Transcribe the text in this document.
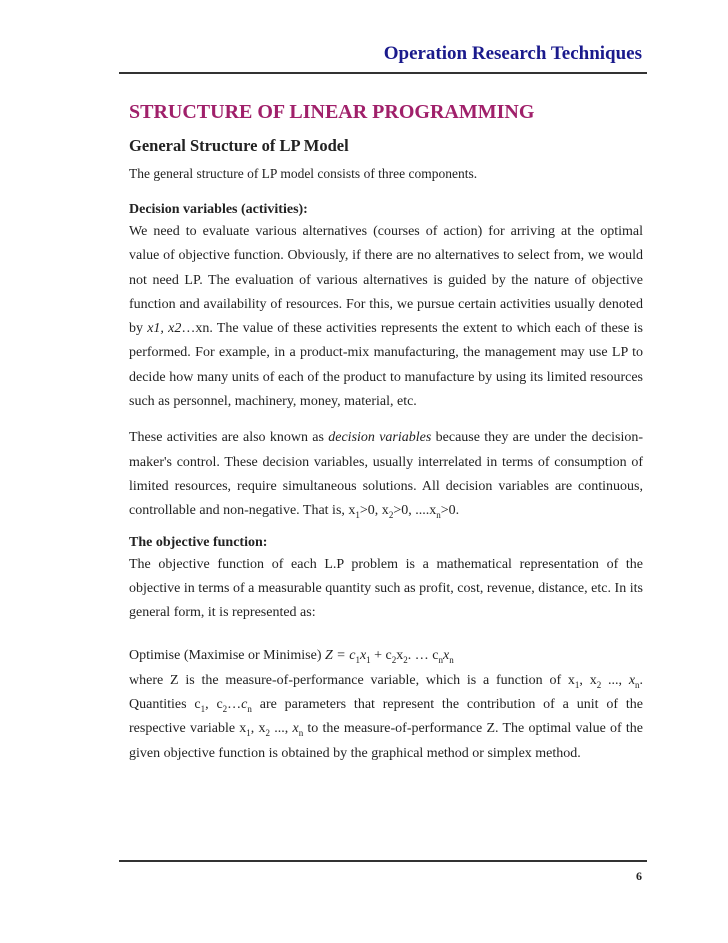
Operation Research Techniques
STRUCTURE OF LINEAR PROGRAMMING
General Structure of LP Model
The general structure of LP model consists of three components.
Decision variables (activities):

We need to evaluate various alternatives (courses of action) for arriving at the optimal value of objective function. Obviously, if there are no alternatives to select from, we would not need LP. The evaluation of various alternatives is guided by the nature of objective function and availability of resources. For this, we pursue certain activities usually denoted by x1, x2…xn. The value of these activities represents the extent to which each of these is performed. For example, in a product-mix manufacturing, the management may use LP to decide how many units of each of the product to manufacture by using its limited resources such as personnel, machinery, money, material, etc.

These activities are also known as decision variables because they are under the decision-maker's control. These decision variables, usually interrelated in terms of consumption of limited resources, require simultaneous solutions. All decision variables are continuous, controllable and non-negative. That is, $x_1>0$, $x_2>0$, $....x_n>0$.

The objective function:

The objective function of each L.P problem is a mathematical representation of the objective in terms of a measurable quantity such as profit, cost, revenue, distance, etc. In its general form, it is represented as:

Optimise (Maximise or Minimise) $Z = c_1x_1 + c_2x_2$. … $c_nx_n$

where Z is the measure-of-performance variable, which is a function of $x_1$, $x_2$ ..., $x_n$. Quantities $c_1$, $c_2\dots c_n$ are parameters that represent the contribution of a unit of the respective variable $x_1$, $x_2$ ..., $x_n$ to the measure-of-performance Z. The optimal value of the given objective function is obtained by the graphical method or simplex method.

6
